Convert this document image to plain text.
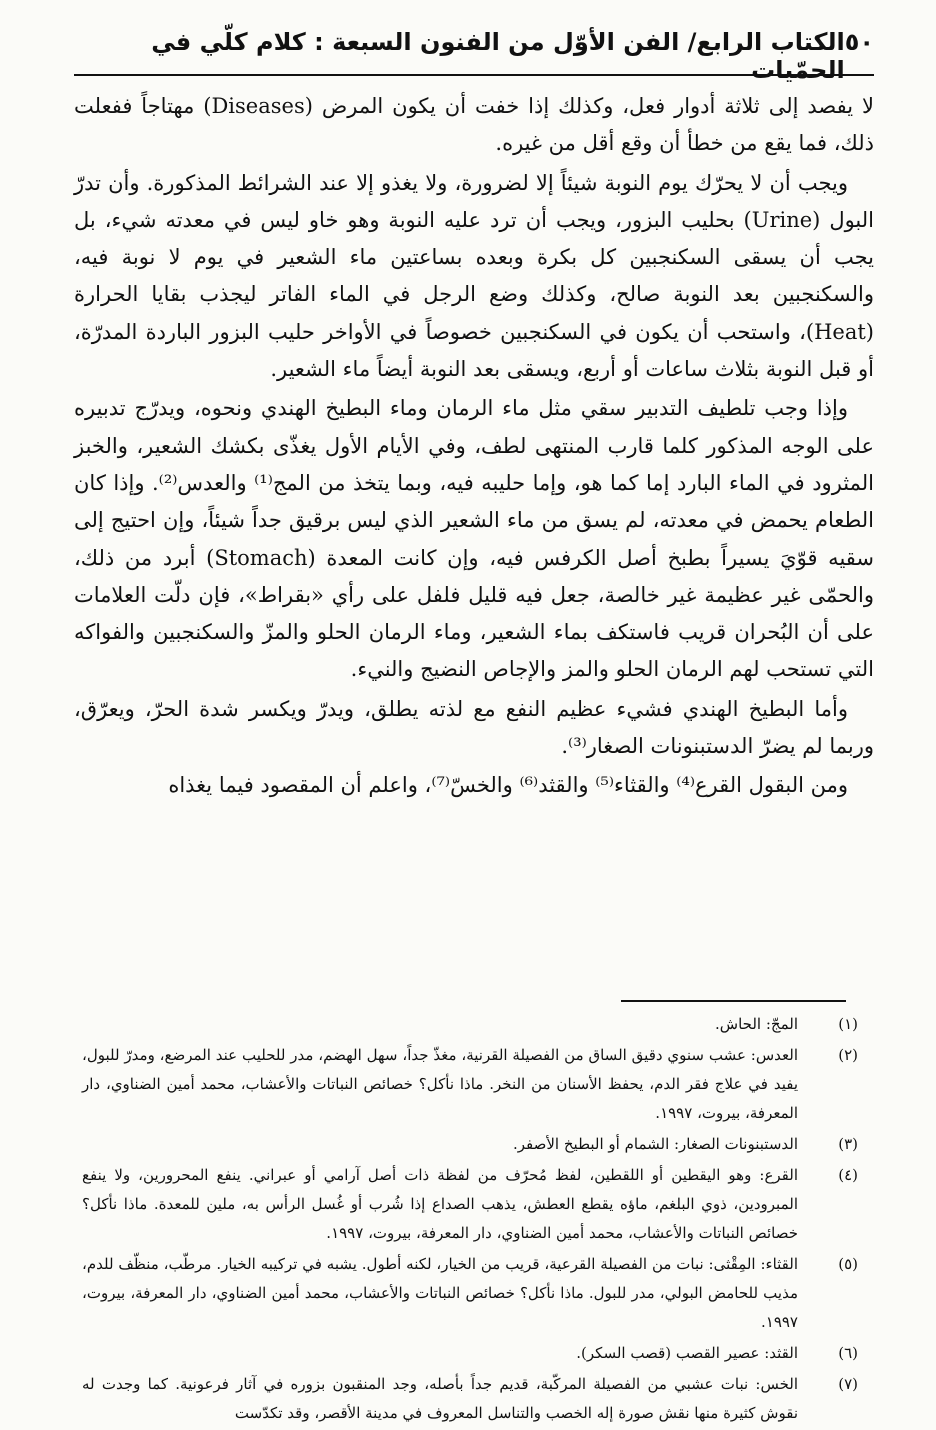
٥٠
الكتاب الرابع/ الفن الأوّل من الفنون السبعة : كلام كلّي في الحمّيات

لا يفصد إلى ثلاثة أدوار فعل، وكذلك إذا خفت أن يكون المرض (Diseases) مهتاجاً ففعلت ذلك، فما يقع من خطأ أن وقع أقل من غيره.

ويجب أن لا يحرّك يوم النوبة شيئاً إلا لضرورة، ولا يغذو إلا عند الشرائط المذكورة. وأن تدرّ البول (Urine) بحليب البزور، ويجب أن ترد عليه النوبة وهو خاو ليس في معدته شيء، بل يجب أن يسقى السكنجبين كل بكرة وبعده بساعتين ماء الشعير في يوم لا نوبة فيه، والسكنجبين بعد النوبة صالح، وكذلك وضع الرجل في الماء الفاتر ليجذب بقايا الحرارة (Heat)، واستحب أن يكون في السكنجبين خصوصاً في الأواخر حليب البزور الباردة المدرّة، أو قبل النوبة بثلاث ساعات أو أربع، ويسقى بعد النوبة أيضاً ماء الشعير.

وإذا وجب تلطيف التدبير سقي مثل ماء الرمان وماء البطيخ الهندي ونحوه، ويدرّج تدبيره على الوجه المذكور كلما قارب المنتهى لطف، وفي الأيام الأول يغذّى بكشك الشعير، والخبز المثرود في الماء البارد إما كما هو، وإما حليبه فيه، وبما يتخذ من المج⁽¹⁾ والعدس⁽²⁾. وإذا كان الطعام يحمض في معدته، لم يسق من ماء الشعير الذي ليس برقيق جداً شيئاً، وإن احتيج إلى سقيه قوّيَ يسيراً بطبخ أصل الكرفس فيه، وإن كانت المعدة (Stomach) أبرد من ذلك، والحمّى غير عظيمة غير خالصة، جعل فيه قليل فلفل على رأي «بقراط»، فإن دلّت العلامات على أن البُحران قريب فاستكف بماء الشعير، وماء الرمان الحلو والمزّ والسكنجبين والفواكه التي تستحب لهم الرمان الحلو والمز والإجاص النضيج والنيء.

وأما البطيخ الهندي فشيء عظيم النفع مع لذته يطلق، ويدرّ ويكسر شدة الحرّ، ويعرّق، وربما لم يضرّ الدستبنونات الصغار⁽³⁾.

ومن البقول القرع⁽⁴⁾ والقثاء⁽⁵⁾ والقثد⁽⁶⁾ والخسّ⁽⁷⁾، واعلم أن المقصود فيما يغذاه

(١)
المجّ: الحاش.
(٢)
العدس: عشب سنوي دقيق الساق من الفصيلة القرنية، مغذّ جداً، سهل الهضم، مدر للحليب عند المرضع، ومدرّ للبول، يفيد في علاج فقر الدم، يحفظ الأسنان من النخر. ماذا نأكل؟ خصائص النباتات والأعشاب، محمد أمين الضناوي، دار المعرفة، بيروت، ١٩٩٧.
(٣)
الدستبنونات الصغار: الشمام أو البطيخ الأصفر.
(٤)
القرع: وهو اليقطين أو اللقطين، لفظ مُحرّف من لفظة ذات أصل آرامي أو عبراني. ينفع المحرورين، ولا ينفع المبرودين، ذوي البلغم، ماؤه يقطع العطش، يذهب الصداع إذا شُرب أو غُسل الرأس به، ملين للمعدة. ماذا نأكل؟ خصائص النباتات والأعشاب، محمد أمين الضناوي، دار المعرفة، بيروت، ١٩٩٧.
(٥)
القثاء: المِقْثى: نبات من الفصيلة القرعية، قريب من الخيار، لكنه أطول. يشبه في تركيبه الخيار. مرطّب، منظّف للدم، مذيب للحامض البولي، مدر للبول. ماذا نأكل؟ خصائص النباتات والأعشاب، محمد أمين الضناوي، دار المعرفة، بيروت، ١٩٩٧.
(٦)
القثد: عصير القصب (قصب السكر).
(٧)
الخس: نبات عشبي من الفصيلة المركّبة، قديم جداً بأصله، وجد المنقبون بزوره في آثار فرعونية. كما وجدت له نقوش كثيرة منها نقش صورة إله الخصب والتناسل المعروف في مدينة الأقصر، وقد تكدّست
